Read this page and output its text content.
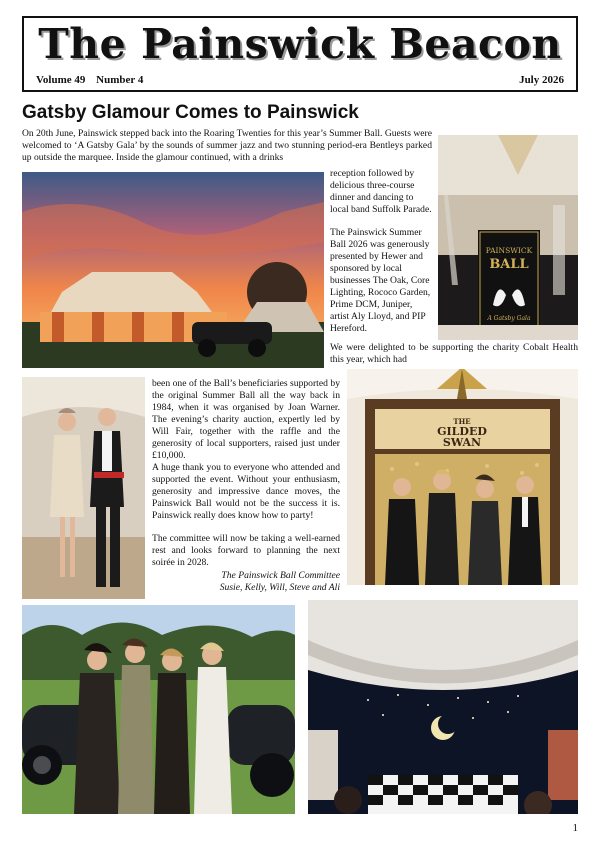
The Painswick Beacon
Volume 49 Number 4	July 2026
Gatsby Glamour Comes to Painswick

On 20th June, Painswick stepped back into the Roaring Twenties for this year’s Summer Ball. Guests were welcomed to ‘A Gatsby Gala’ by the sounds of summer jazz and two stunning period-era Bentleys parked up outside the marquee. Inside the glamour continued, with a drinks

reception followed by delicious three-course dinner and dancing to local band Suffolk Parade.

The Painswick Summer Ball 2026 was generously presented by Hewer and sponsored by local businesses The Oak, Core Lighting, Rococo Garden, Prime DCM, Juniper, artist Aly Lloyd, and PIP Hereford.

PAINSWICK
BALL
A Gatsby Gala

We were delighted to be supporting the charity Cobalt Health this year, which had

been one of the Ball’s beneficiaries supported by the original Summer Ball all the way back in 1984, when it was organised by Joan Warner. The evening’s charity auction, expertly led by Will Fair, together with the raffle and the generosity of local supporters, raised just under £10,000.

A huge thank you to everyone who attended and supported the event. Without your enthusiasm, generosity and impressive dance moves, the Painswick Ball would not be the success it is. Painswick really does know how to party!

The committee will now be taking a well-earned rest and looks forward to planning the next soirée in 2028.

The Painswick Ball Committee
Susie, Kelly, Will, Steve and Ali
THE
GILDED
SWAN
1
